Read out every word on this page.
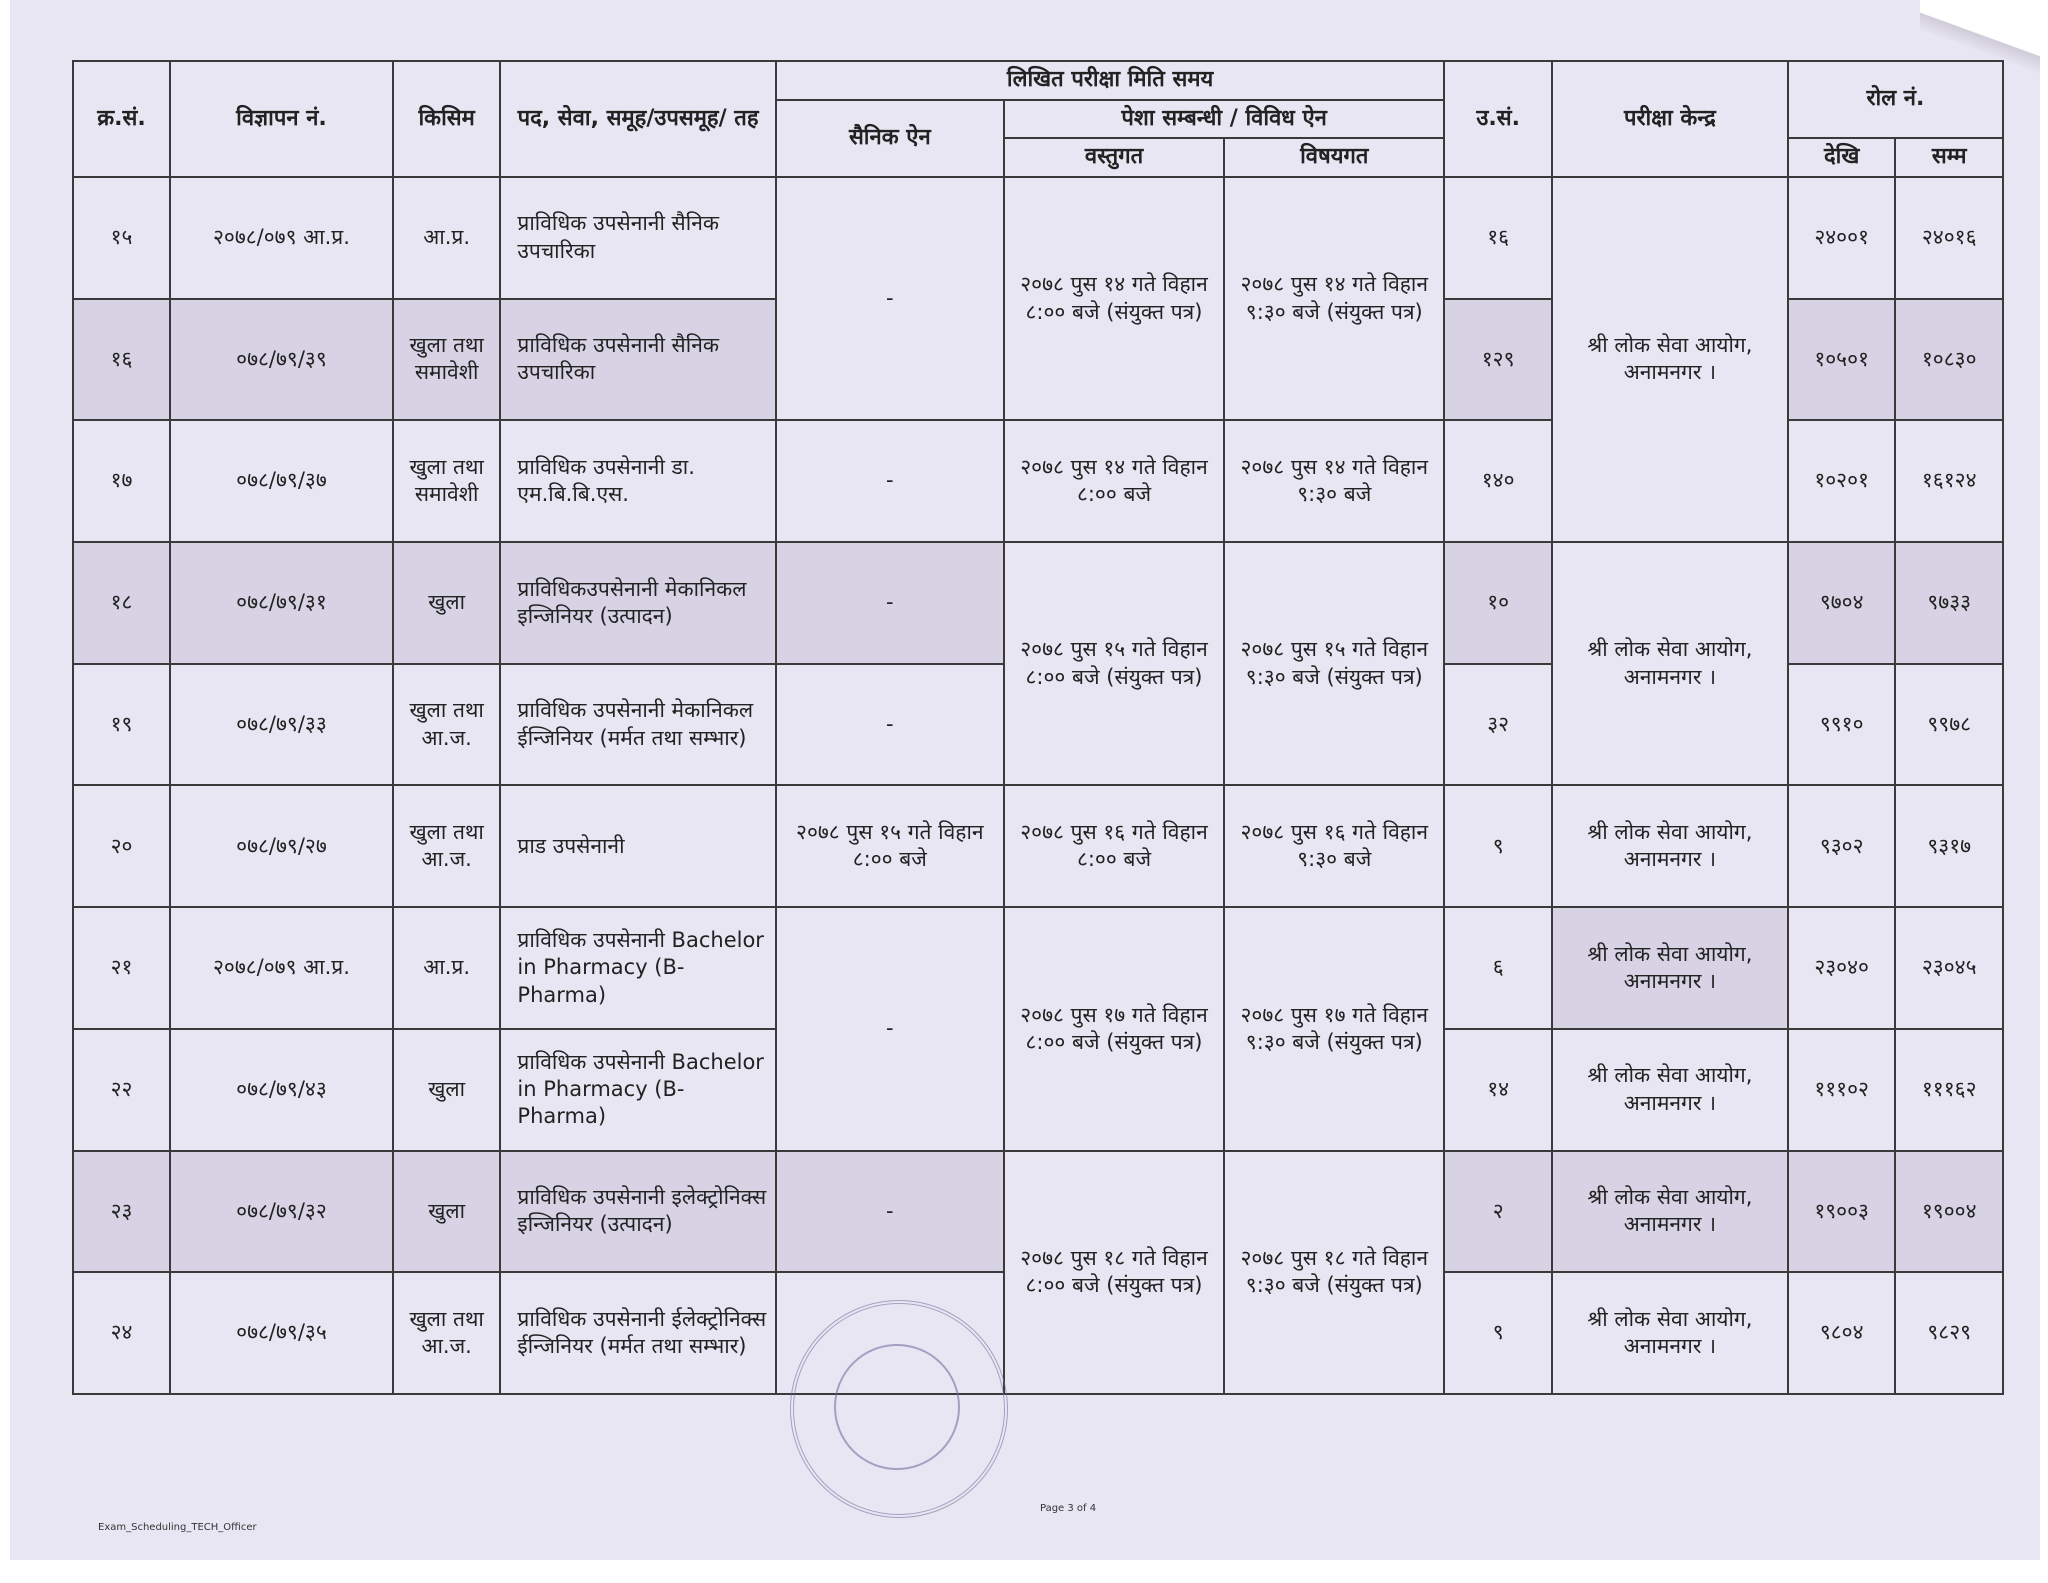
क्र.सं.	विज्ञापन नं.	किसिम	पद, सेवा, समूह/उपसमूह/ तह	लिखित परीक्षा मिति समय			उ.सं.	परीक्षा केन्द्र	रोल नं.	
				सैनिक ऐन	पेशा सम्बन्धी / विविध ऐन					
					वस्तुगत	विषयगत			देखि	सम्म
१५	२०७८/०७९ आ.प्र.	आ.प्र.	प्राविधिक उपसेनानी सैनिक उपचारिका	-	२०७८ पुस १४ गते विहान ८:०० बजे (संयुक्त पत्र)	२०७८ पुस १४ गते विहान ९:३० बजे (संयुक्त पत्र)	१६	श्री लोक सेवा आयोग, अनामनगर ।	२४००१	२४०१६
१६	०७८/७९/३९	खुला तथा समावेशी	प्राविधिक उपसेनानी सैनिक उपचारिका				१२९		१०५०१	१०८३०
१७	०७८/७९/३७	खुला तथा समावेशी	प्राविधिक उपसेनानी डा. एम.बि.बि.एस.	-	२०७८ पुस १४ गते विहान ८:०० बजे	२०७८ पुस १४ गते विहान ९:३० बजे	१४०		१०२०१	१६१२४
१८	०७८/७९/३१	खुला	प्राविधिकउपसेनानी मेकानिकल इन्जिनियर (उत्पादन)	-	२०७८ पुस १५ गते विहान ८:०० बजे (संयुक्त पत्र)	२०७८ पुस १५ गते विहान ९:३० बजे (संयुक्त पत्र)	१०	श्री लोक सेवा आयोग, अनामनगर ।	९७०४	९७३३
१९	०७८/७९/३३	खुला तथा आ.ज.	प्राविधिक उपसेनानी मेकानिकल ईन्जिनियर (मर्मत तथा सम्भार)	-			३२		९९१०	९९७८
२०	०७८/७९/२७	खुला तथा आ.ज.	प्राड उपसेनानी	२०७८ पुस १५ गते विहान ८:०० बजे	२०७८ पुस १६ गते विहान ८:०० बजे	२०७८ पुस १६ गते विहान ९:३० बजे	९	श्री लोक सेवा आयोग, अनामनगर ।	९३०२	९३१७
२१	२०७८/०७९ आ.प्र.	आ.प्र.	प्राविधिक उपसेनानी Bachelor in Pharmacy (B-Pharma)	-	२०७८ पुस १७ गते विहान ८:०० बजे (संयुक्त पत्र)	२०७८ पुस १७ गते विहान ९:३० बजे (संयुक्त पत्र)	६	श्री लोक सेवा आयोग, अनामनगर ।	२३०४०	२३०४५
२२	०७८/७९/४३	खुला	प्राविधिक उपसेनानी Bachelor in Pharmacy (B-Pharma)				१४	श्री लोक सेवा आयोग, अनामनगर ।	१११०२	१११६२
२३	०७८/७९/३२	खुला	प्राविधिक उपसेनानी इलेक्ट्रोनिक्स इन्जिनियर (उत्पादन)	-	२०७८ पुस १८ गते विहान ८:०० बजे (संयुक्त पत्र)	२०७८ पुस १८ गते विहान ९:३० बजे (संयुक्त पत्र)	२	श्री लोक सेवा आयोग, अनामनगर ।	१९००३	१९००४
२४	०७८/७९/३५	खुला तथा आ.ज.	प्राविधिक उपसेनानी ईलेक्ट्रोनिक्स ईन्जिनियर (मर्मत तथा सम्भार)				९	श्री लोक सेवा आयोग, अनामनगर ।	९८०४	९८२९
Exam_Scheduling_TECH_Officer
Page 3 of 4
